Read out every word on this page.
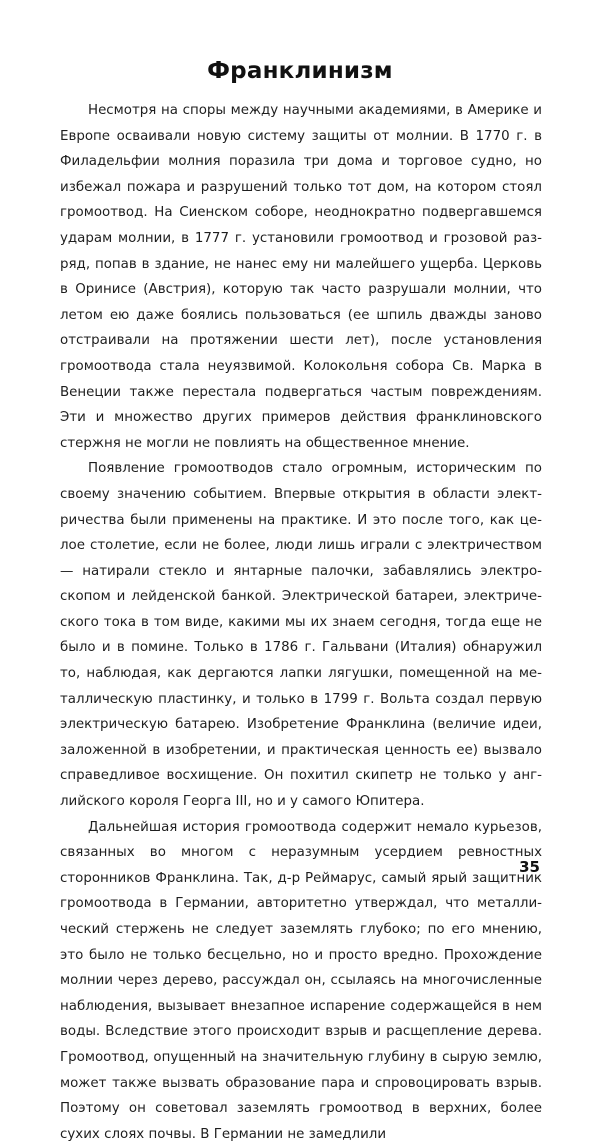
Франклинизм

Несмотря на споры между научными академиями, в Америке и Европе осваивали новую систему защиты от молнии. В 1770 г. в Филадельфии молния поразила три дома и торговое судно, но избежал пожара и разрушений только тот дом, на котором стоял громоотвод. На Сиенском соборе, неоднократно подвергавшемся ударам молнии, в 1777 г. установили громоотвод и грозовой разряд, попав в здание, не нанес ему ни малейшего ущерба. Церковь в Оринисе (Австрия), которую так часто разрушали молнии, что летом ею даже боялись пользоваться (ее шпиль дважды заново отстраивали на протяжении шести лет), после установления громоотвода стала неуязвимой. Колокольня собора Св. Марка в Венеции также перестала подвергаться частым повреждениям. Эти и множество других примеров действия франклиновского стержня не могли не повлиять на общественное мнение.

Появление громоотводов стало огромным, историческим по своему значению событием. Впервые открытия в области электричества были применены на практике. И это после того, как целое столетие, если не более, люди лишь играли с электричеством — натирали стекло и янтарные палочки, забавлялись электроскопом и лейденской банкой. Электрической батареи, электрического тока в том виде, какими мы их знаем сегодня, тогда еще не было и в помине. Только в 1786 г. Гальвани (Италия) обнаружил то, наблюдая, как дергаются лапки лягушки, помещенной на металлическую пластинку, и только в 1799 г. Вольта создал первую электрическую батарею. Изобретение Франклина (величие идеи, заложенной в изобретении, и практическая ценность ее) вызвало справедливое восхищение. Он похитил скипетр не только у английского короля Георга III, но и у самого Юпитера.

Дальнейшая история громоотвода содержит немало курьезов, связанных во многом с неразумным усердием ревностных сторонников Франклина. Так, д-р Реймарус, самый ярый защитник громоотвода в Германии, авторитетно утверждал, что металлический стержень не следует заземлять глубоко; по его мнению, это было не только бесцельно, но и просто вредно. Прохождение молнии через дерево, рассуждал он, ссылаясь на многочисленные наблюдения, вызывает внезапное испарение содержащейся в нем воды. Вследствие этого происходит взрыв и расщепление дерева. Громоотвод, опущенный на значительную глубину в сырую землю, может также вызвать образование пара и спровоцировать взрыв. Поэтому он советовал заземлять громоотвод в верхних, более сухих слоях почвы. В Германии не замедлили

35
